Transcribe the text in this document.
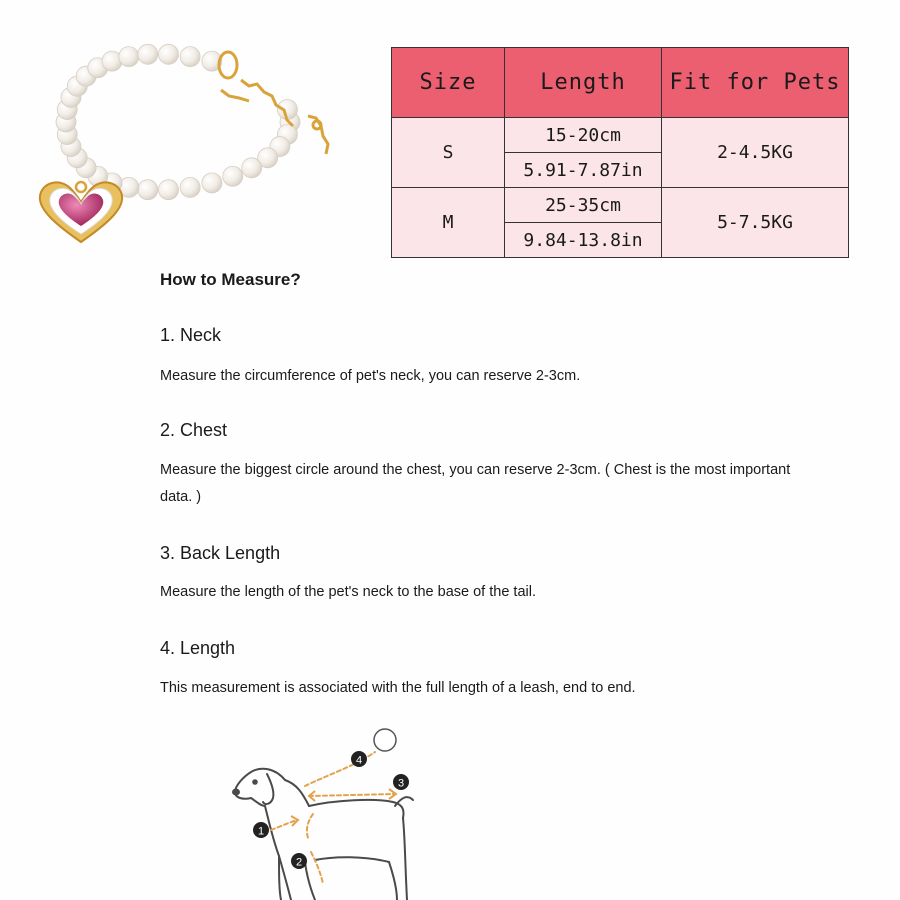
Size	Length	Fit for Pets
S	15-20cm	2-4.5KG
	5.91-7.87in	
M	25-35cm	5-7.5KG
	9.84-13.8in	
How to Measure?
1. Neck
Measure the circumference of pet's neck, you can reserve 2-3cm.
2. Chest
Measure the biggest circle around the chest, you can reserve 2-3cm. ( Chest is the most important data. )
3. Back Length
Measure the length of the pet's neck to the base of the tail.
4. Length
This measurement is associated with the full length of a leash, end to end.
4
3
1
2
